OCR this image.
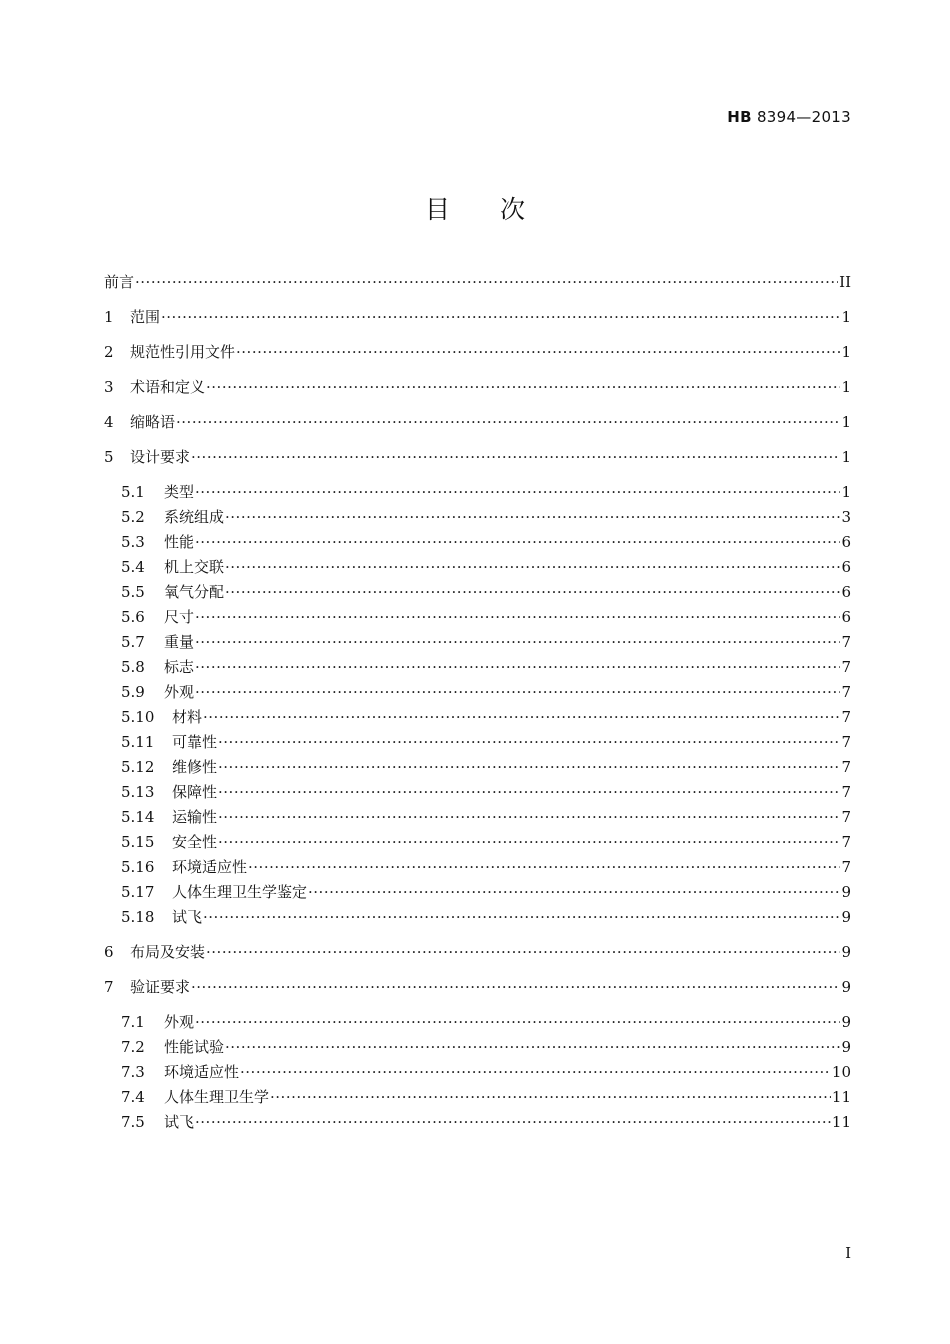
HB 8394—2013
目　　次
前言 ·····	II
1	范围 ·····	1
2	规范性引用文件 ·····	1
3	术语和定义 ·····	1
4	缩略语 ·····	1
5	设计要求 ·····	1
5.1	类型 ·····	1
5.2	系统组成 ·····	3
5.3	性能 ·····	6
5.4	机上交联 ·····	6
5.5	氧气分配 ·····	6
5.6	尺寸 ·····	6
5.7	重量 ·····	7
5.8	标志 ·····	7
5.9	外观 ·····	7
5.10	材料 ·····	7
5.11	可靠性 ·····	7
5.12	维修性 ·····	7
5.13	保障性 ·····	7
5.14	运输性 ·····	7
5.15	安全性 ·····	7
5.16	环境适应性 ·····	7
5.17	人体生理卫生学鉴定 ·····	9
5.18	试飞 ·····	9
6	布局及安装 ·····	9
7	验证要求 ·····	9
7.1	外观 ·····	9
7.2	性能试验 ·····	9
7.3	环境适应性 ·····	10
7.4	人体生理卫生学 ·····	11
7.5	试飞 ·····	11
I
